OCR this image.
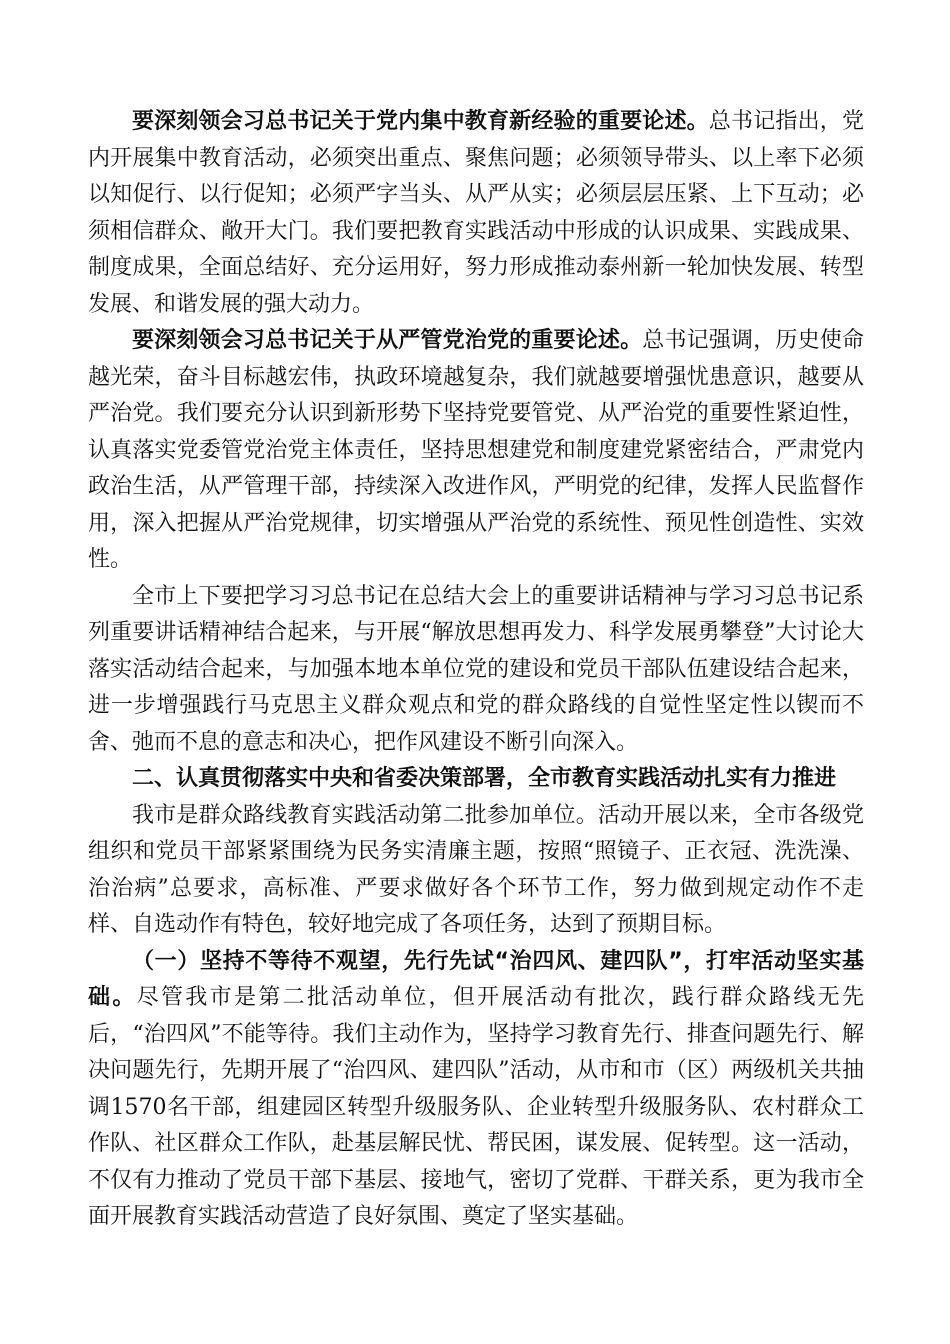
要深刻领会习总书记关于党内集中教育新经验的重要论述。总书记指出，党内开展集中教育活动，必须突出重点、聚焦问题；必须领导带头、以上率下必须以知促行、以行促知；必须严字当头、从严从实；必须层层压紧、上下互动；必须相信群众、敞开大门。我们要把教育实践活动中形成的认识成果、实践成果、制度成果，全面总结好、充分运用好，努力形成推动泰州新一轮加快发展、转型发展、和谐发展的强大动力。

要深刻领会习总书记关于从严管党治党的重要论述。总书记强调，历史使命越光荣，奋斗目标越宏伟，执政环境越复杂，我们就越要增强忧患意识，越要从严治党。我们要充分认识到新形势下坚持党要管党、从严治党的重要性紧迫性，认真落实党委管党治党主体责任，坚持思想建党和制度建党紧密结合，严肃党内政治生活，从严管理干部，持续深入改进作风，严明党的纪律，发挥人民监督作用，深入把握从严治党规律，切实增强从严治党的系统性、预见性创造性、实效性。

全市上下要把学习习总书记在总结大会上的重要讲话精神与学习习总书记系列重要讲话精神结合起来，与开展“解放思想再发力、科学发展勇攀登”大讨论大落实活动结合起来，与加强本地本单位党的建设和党员干部队伍建设结合起来，进一步增强践行马克思主义群众观点和党的群众路线的自觉性坚定性以锲而不舍、弛而不息的意志和决心，把作风建设不断引向深入。

二、认真贯彻落实中央和省委决策部署，全市教育实践活动扎实有力推进

我市是群众路线教育实践活动第二批参加单位。活动开展以来，全市各级党组织和党员干部紧紧围绕为民务实清廉主题，按照“照镜子、正衣冠、洗洗澡、治治病”总要求，高标准、严要求做好各个环节工作，努力做到规定动作不走样、自选动作有特色，较好地完成了各项任务，达到了预期目标。

（一）坚持不等待不观望，先行先试“治四风、建四队”，打牢活动坚实基础。尽管我市是第二批活动单位，但开展活动有批次，践行群众路线无先后，“治四风”不能等待。我们主动作为，坚持学习教育先行、排查问题先行、解决问题先行，先期开展了“治四风、建四队”活动，从市和市（区）两级机关共抽调1570名干部，组建园区转型升级服务队、企业转型升级服务队、农村群众工作队、社区群众工作队，赴基层解民忧、帮民困，谋发展、促转型。这一活动，不仅有力推动了党员干部下基层、接地气，密切了党群、干群关系，更为我市全面开展教育实践活动营造了良好氛围、奠定了坚实基础。
